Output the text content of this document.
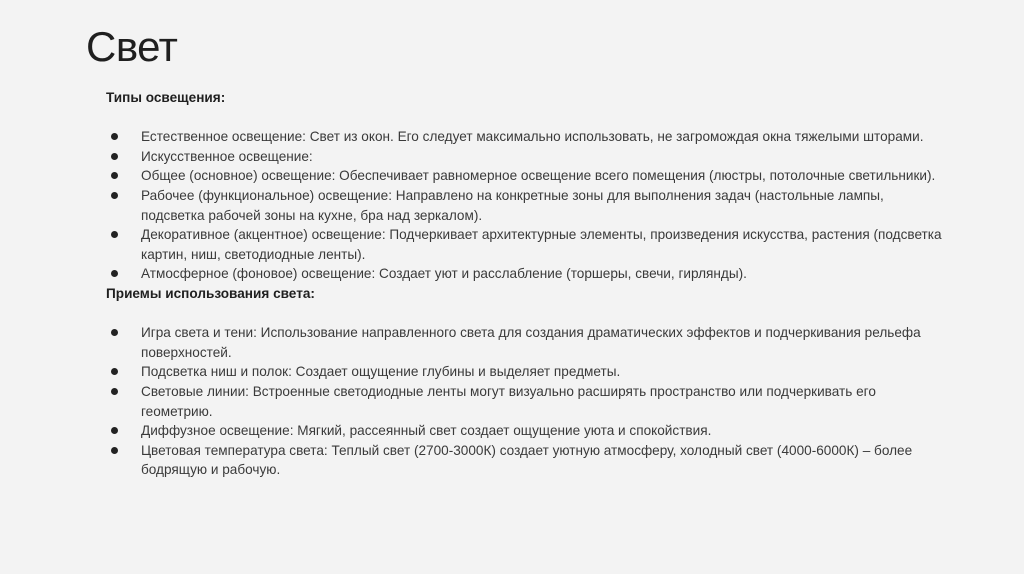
Свет

Типы освещения:

Естественное освещение: Свет из окон. Его следует максимально использовать, не загромождая окна тяжелыми шторами.
Искусственное освещение:
Общее (основное) освещение: Обеспечивает равномерное освещение всего помещения (люстры, потолочные светильники).
Рабочее (функциональное) освещение: Направлено на конкретные зоны для выполнения задач (настольные лампы, подсветка рабочей зоны на кухне, бра над зеркалом).
Декоративное (акцентное) освещение: Подчеркивает архитектурные элементы, произведения искусства, растения (подсветка картин, ниш, светодиодные ленты).
Атмосферное (фоновое) освещение: Создает уют и расслабление (торшеры, свечи, гирлянды).

Приемы использования света:

Игра света и тени: Использование направленного света для создания драматических эффектов и подчеркивания рельефа поверхностей.
Подсветка ниш и полок: Создает ощущение глубины и выделяет предметы.
Световые линии: Встроенные светодиодные ленты могут визуально расширять пространство или подчеркивать его геометрию.
Диффузное освещение: Мягкий, рассеянный свет создает ощущение уюта и спокойствия.
Цветовая температура света: Теплый свет (2700-3000К) создает уютную атмосферу, холодный свет (4000-6000К) – более бодрящую и рабочую.
